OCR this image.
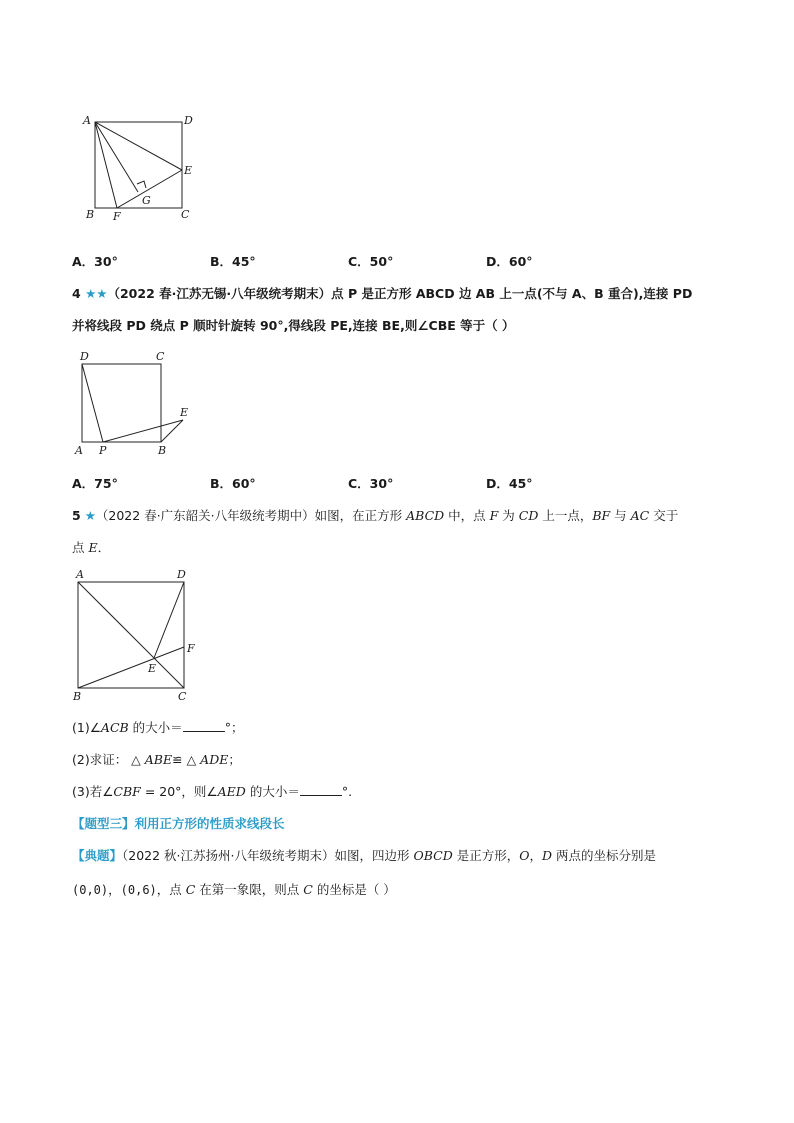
A	D
E
B F
G
C
A．30°	B．45°	C．50°	D．60°
4 ★★（2022 春·江苏无锡·八年级统考期末）点 P 是正方形 ABCD 边 AB 上一点(不与 A、B 重合),连接 PD
并将线段 PD 绕点 P 顺时针旋转 90°,得线段 PE,连接 BE,则∠CBE 等于（ ）
D	C
E
A P	B
A．75°	B．60°	C．30°	D．45°
5 ★（2022 春·广东韶关·八年级统考期中）如图，在正方形 ABCD 中，点 F 为 CD 上一点，BF 与 AC 交于
点 E．
A	D
F
E
B	C
(1)∠ACB 的大小＝	°；
(2)求证： △ ABE≌ △ ADE；
(3)若∠CBF = 20°，则∠AED 的大小＝	°.
【题型三】利用正方形的性质求线段长
【典题】（2022 秋·江苏扬州·八年级统考期末）如图，四边形 OBCD 是正方形，O，D 两点的坐标分别是
(0,0)，(0,6)，点 C 在第一象限，则点 C 的坐标是（ ）
